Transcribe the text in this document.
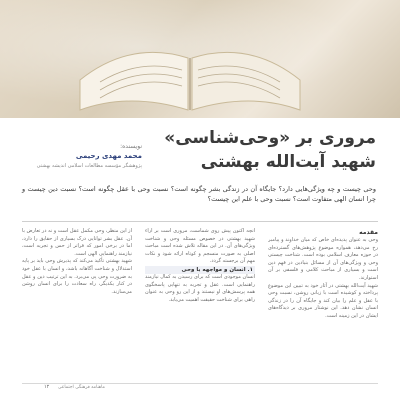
مروری بر «وحی‌شناسی»

شهید آیت‌الله بهشتی

نویسنده:

محمد مهدی رحیمی

پژوهشگر مؤسسه مطالعات اسلامی اندیشه بهشتی

وحی چیست و چه ویژگی‌هایی دارد؟ جایگاه آن در زندگی بشر چگونه است؟ نسبت وحی با عقل چگونه است؟ نسبت دین چیست و چرا انسان الهی متفاوت است؟ نسبت وحی با علم این چیست؟

مقدمه

وحی به عنوان پدیده‌ای خاص که میان خداوند و پیامبر رخ می‌دهد، همواره موضوع پژوهش‌های گسترده‌ای در حوزه معارف اسلامی بوده است. شناخت چیستی وحی و ویژگی‌های آن از مسائل بنیادین در فهم دین است و بسیاری از مباحث کلامی و فلسفی بر آن استوارند.

شهید آیت‌الله بهشتی در آثار خود به تبیین این موضوع پرداخته و کوشیده است با زبانی روشن، نسبت وحی با عقل و علم را بیان کند و جایگاه آن را در زندگی انسان نشان دهد. این نوشتار مروری بر دیدگاه‌های ایشان در این زمینه است.

آنچه اکنون پیش روی شماست، مروری است بر آراء شهید بهشتی در خصوص مسئله وحی و شناخت ویژگی‌های آن. در این مقاله تلاش شده است مباحث اصلی به صورت منسجم و کوتاه ارائه شود و نکات مهم آن برجسته گردد.

۱. انسان و مواجهه با وحی

انسان موجودی است که برای رسیدن به کمال نیازمند راهنمایی است. عقل و تجربه به تنهایی پاسخگوی همه پرسش‌های او نیستند و از این رو وحی به عنوان راهی برای شناخت حقیقت اهمیت می‌یابد.

از این منظر، وحی مکمل عقل است و نه در تعارض با آن. عقل بشر توانایی درک بسیاری از حقایق را دارد، اما در برخی امور که فراتر از حس و تجربه است، نیازمند راهنمایی الهی است.

شهید بهشتی تأکید می‌کند که پذیرش وحی باید بر پایه استدلال و شناخت آگاهانه باشد، و انسان با عقل خود به ضرورت وحی پی می‌برد. به این ترتیب دین و عقل در کنار یکدیگر، راه سعادت را برای انسان روشن می‌سازند.

۱۲ ماهنامه فرهنگی اجتماعی
